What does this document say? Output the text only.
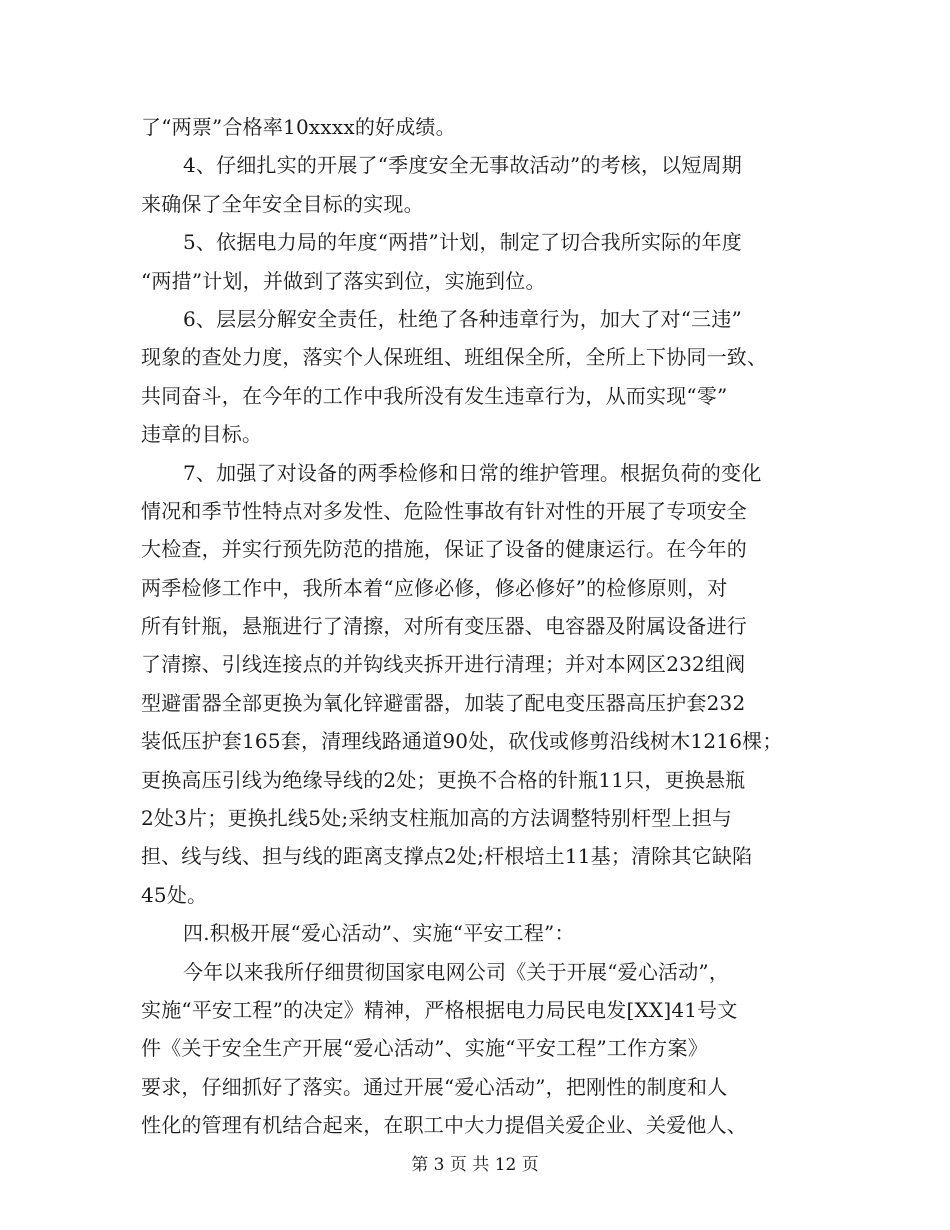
了“两票”合格率10xxxx的好成绩。
4、仔细扎实的开展了“季度安全无事故活动”的考核，以短周期
来确保了全年安全目标的实现。
5、依据电力局的年度“两措”计划，制定了切合我所实际的年度
“两措”计划，并做到了落实到位，实施到位。
6、层层分解安全责任，杜绝了各种违章行为，加大了对“三违”
现象的查处力度，落实个人保班组、班组保全所，全所上下协同一致、
共同奋斗，在今年的工作中我所没有发生违章行为，从而实现“零”
违章的目标。
7、加强了对设备的两季检修和日常的维护管理。根据负荷的变化
情况和季节性特点对多发性、危险性事故有针对性的开展了专项安全
大检查，并实行预先防范的措施，保证了设备的健康运行。在今年的
两季检修工作中，我所本着“应修必修，修必修好”的检修原则，对
所有针瓶，悬瓶进行了清擦，对所有变压器、电容器及附属设备进行
了清擦、引线连接点的并钩线夹拆开进行清理；并对本网区232组阀
型避雷器全部更换为氧化锌避雷器，加装了配电变压器高压护套232
装低压护套165套，清理线路通道90处，砍伐或修剪沿线树木1216棵；
更换高压引线为绝缘导线的2处；更换不合格的针瓶11只，更换悬瓶
2处3片；更换扎线5处;采纳支柱瓶加高的方法调整特别杆型上担与
担、线与线、担与线的距离支撑点2处;杆根培土11基；清除其它缺陷
45处。
四.积极开展“爱心活动”、实施“平安工程”：
今年以来我所仔细贯彻国家电网公司《关于开展“爱心活动”，
实施“平安工程”的决定》精神，严格根据电力局民电发[XX]41号文
件《关于安全生产开展“爱心活动”、实施“平安工程”工作方案》
要求，仔细抓好了落实。通过开展“爱心活动”，把刚性的制度和人
性化的管理有机结合起来，在职工中大力提倡关爱企业、关爱他人、
第 3 页 共 12 页
